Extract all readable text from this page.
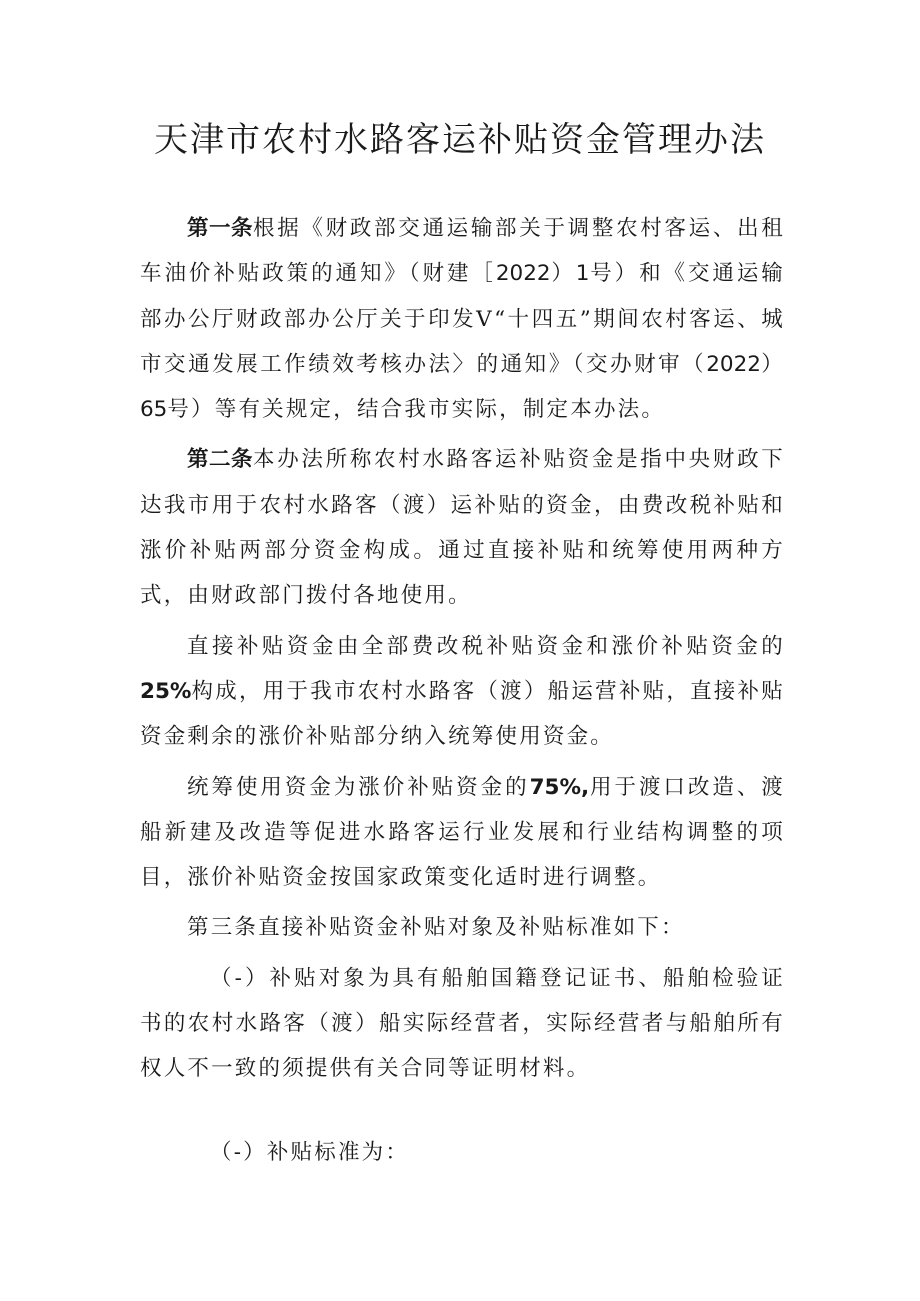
天津市农村水路客运补贴资金管理办法

第一条根据《财政部交通运输部关于调整农村客运、出租车油价补贴政策的通知》（财建［2022）1号）和《交通运输部办公厅财政部办公厅关于印发Ⅴ“十四五”期间农村客运、城市交通发展工作绩效考核办法〉的通知》（交办财审（2022）65号）等有关规定，结合我市实际，制定本办法。

第二条本办法所称农村水路客运补贴资金是指中央财政下达我市用于农村水路客（渡）运补贴的资金，由费改税补贴和涨价补贴两部分资金构成。通过直接补贴和统筹使用两种方式，由财政部门拨付各地使用。

直接补贴资金由全部费改税补贴资金和涨价补贴资金的25%构成，用于我市农村水路客（渡）船运营补贴，直接补贴资金剩余的涨价补贴部分纳入统筹使用资金。

统筹使用资金为涨价补贴资金的75%,用于渡口改造、渡船新建及改造等促进水路客运行业发展和行业结构调整的项目，涨价补贴资金按国家政策变化适时进行调整。

第三条直接补贴资金补贴对象及补贴标准如下：

（-）补贴对象为具有船舶国籍登记证书、船舶检验证书的农村水路客（渡）船实际经营者，实际经营者与船舶所有权人不一致的须提供有关合同等证明材料。

（-）补贴标准为：
